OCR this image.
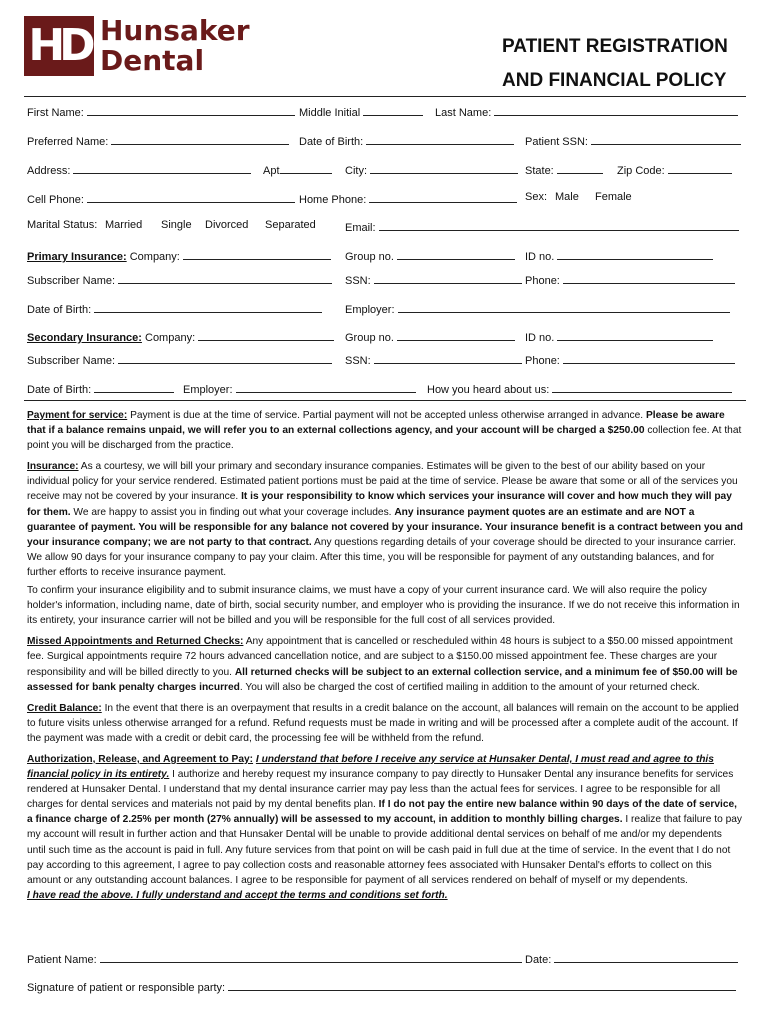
HD Hunsaker
Dental	PATIENT REGISTRATION
AND FINANCIAL POLICY
First Name:	Middle Initial	Last Name:
Preferred Name:	Date of Birth:	Patient SSN:
Address:	Apt	City:	State:	Zip Code:
Cell Phone:	Home Phone:	Sex: Male Female
Marital Status: Married Single Divorced Separated	Email:
Primary Insurance: Company:	Group no.	ID no.
Subscriber Name:	SSN:	Phone:
Date of Birth:	Employer:
Secondary Insurance: Company:	Group no.	ID no.
Subscriber Name:	SSN:	Phone:
Date of Birth:	Employer:	How you heard about us:

Payment for service: Payment is due at the time of service. Partial payment will not be accepted unless otherwise arranged in advance. Please be aware that if a balance remains unpaid, we will refer you to an external collections agency, and your account will be charged a $250.00 collection fee. At that point you will be discharged from the practice.

Insurance: As a courtesy, we will bill your primary and secondary insurance companies. Estimates will be given to the best of our ability based on your individual policy for your service rendered. Estimated patient portions must be paid at the time of service. Please be aware that some or all of the services you receive may not be covered by your insurance. It is your responsibility to know which services your insurance will cover and how much they will pay for them. We are happy to assist you in finding out what your coverage includes. Any insurance payment quotes are an estimate and are NOT a guarantee of payment. You will be responsible for any balance not covered by your insurance. Your insurance benefit is a contract between you and your insurance company; we are not party to that contract. Any questions regarding details of your coverage should be directed to your insurance carrier. We allow 90 days for your insurance company to pay your claim. After this time, you will be responsible for payment of any outstanding balances, and for further efforts to receive insurance payment.

To confirm your insurance eligibility and to submit insurance claims, we must have a copy of your current insurance card. We will also require the policy holder's information, including name, date of birth, social security number, and employer who is providing the insurance. If we do not receive this information in its entirety, your insurance carrier will not be billed and you will be responsible for the full cost of all services provided.

Missed Appointments and Returned Checks: Any appointment that is cancelled or rescheduled within 48 hours is subject to a $50.00 missed appointment fee. Surgical appointments require 72 hours advanced cancellation notice, and are subject to a $150.00 missed appointment fee. These charges are your responsibility and will be billed directly to you. All returned checks will be subject to an external collection service, and a minimum fee of $50.00 will be assessed for bank penalty charges incurred. You will also be charged the cost of certified mailing in addition to the amount of your returned check.

Credit Balance: In the event that there is an overpayment that results in a credit balance on the account, all balances will remain on the account to be applied to future visits unless otherwise arranged for a refund. Refund requests must be made in writing and will be processed after a complete audit of the account. If the payment was made with a credit or debit card, the processing fee will be withheld from the refund.

Authorization, Release, and Agreement to Pay: I understand that before I receive any service at Hunsaker Dental, I must read and agree to this financial policy in its entirety. I authorize and hereby request my insurance company to pay directly to Hunsaker Dental any insurance benefits for services rendered at Hunsaker Dental. I understand that my dental insurance carrier may pay less than the actual fees for services. I agree to be responsible for all charges for dental services and materials not paid by my dental benefits plan. If I do not pay the entire new balance within 90 days of the date of service, a finance charge of 2.25% per month (27% annually) will be assessed to my account, in addition to monthly billing charges. I realize that failure to pay my account will result in further action and that Hunsaker Dental will be unable to provide additional dental services on behalf of me and/or my dependents until such time as the account is paid in full. Any future services from that point on will be cash paid in full due at the time of service. In the event that I do not pay according to this agreement, I agree to pay collection costs and reasonable attorney fees associated with Hunsaker Dental's efforts to collect on this amount or any outstanding account balances. I agree to be responsible for payment of all services rendered on behalf of myself or my dependents.

I have read the above. I fully understand and accept the terms and conditions set forth.

Patient Name:	Date:
Signature of patient or responsible party:
